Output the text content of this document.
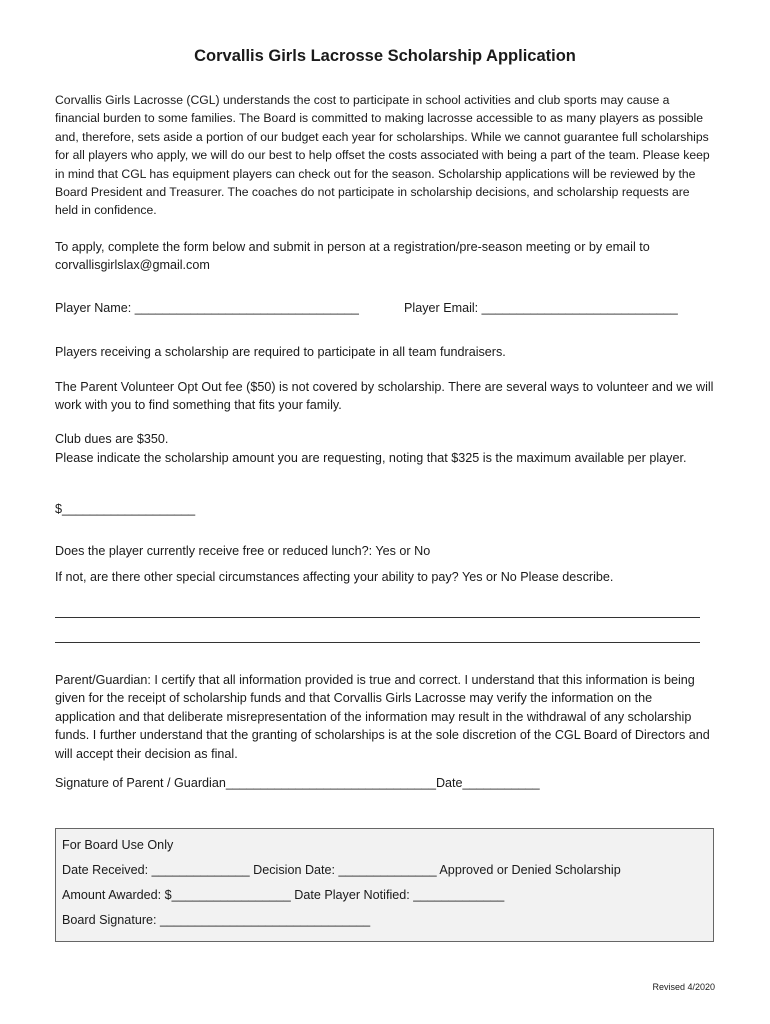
Corvallis Girls Lacrosse Scholarship Application

Corvallis Girls Lacrosse (CGL) understands the cost to participate in school activities and club sports may cause a financial burden to some families. The Board is committed to making lacrosse accessible to as many players as possible and, therefore, sets aside a portion of our budget each year for scholarships. While we cannot guarantee full scholarships for all players who apply, we will do our best to help offset the costs associated with being a part of the team. Please keep in mind that CGL has equipment players can check out for the season. Scholarship applications will be reviewed by the Board President and Treasurer. The coaches do not participate in scholarship decisions, and scholarship requests are held in confidence.

To apply, complete the form below and submit in person at a registration/pre-season meeting or by email to corvallisgirlslax@gmail.com

Player Name: ________________________________	Player Email: ____________________________

Players receiving a scholarship are required to participate in all team fundraisers.

The Parent Volunteer Opt Out fee ($50) is not covered by scholarship. There are several ways to volunteer and we will work with you to find something that fits your family.

Club dues are $350.

Please indicate the scholarship amount you are requesting, noting that $325 is the maximum available per player.

$___________________

Does the player currently receive free or reduced lunch?: Yes or No

If not, are there other special circumstances affecting your ability to pay? Yes or No Please describe.

Parent/Guardian: I certify that all information provided is true and correct. I understand that this information is being given for the receipt of scholarship funds and that Corvallis Girls Lacrosse may verify the information on the application and that deliberate misrepresentation of the information may result in the withdrawal of any scholarship funds. I further understand that the granting of scholarships is at the sole discretion of the CGL Board of Directors and will accept their decision as final.

Signature of Parent / Guardian______________________________Date___________

For Board Use Only

Date Received: ______________ Decision Date: ______________ Approved or Denied Scholarship

Amount Awarded: $_________________ Date Player Notified: _____________

Board Signature: ______________________________

Revised 4/2020
